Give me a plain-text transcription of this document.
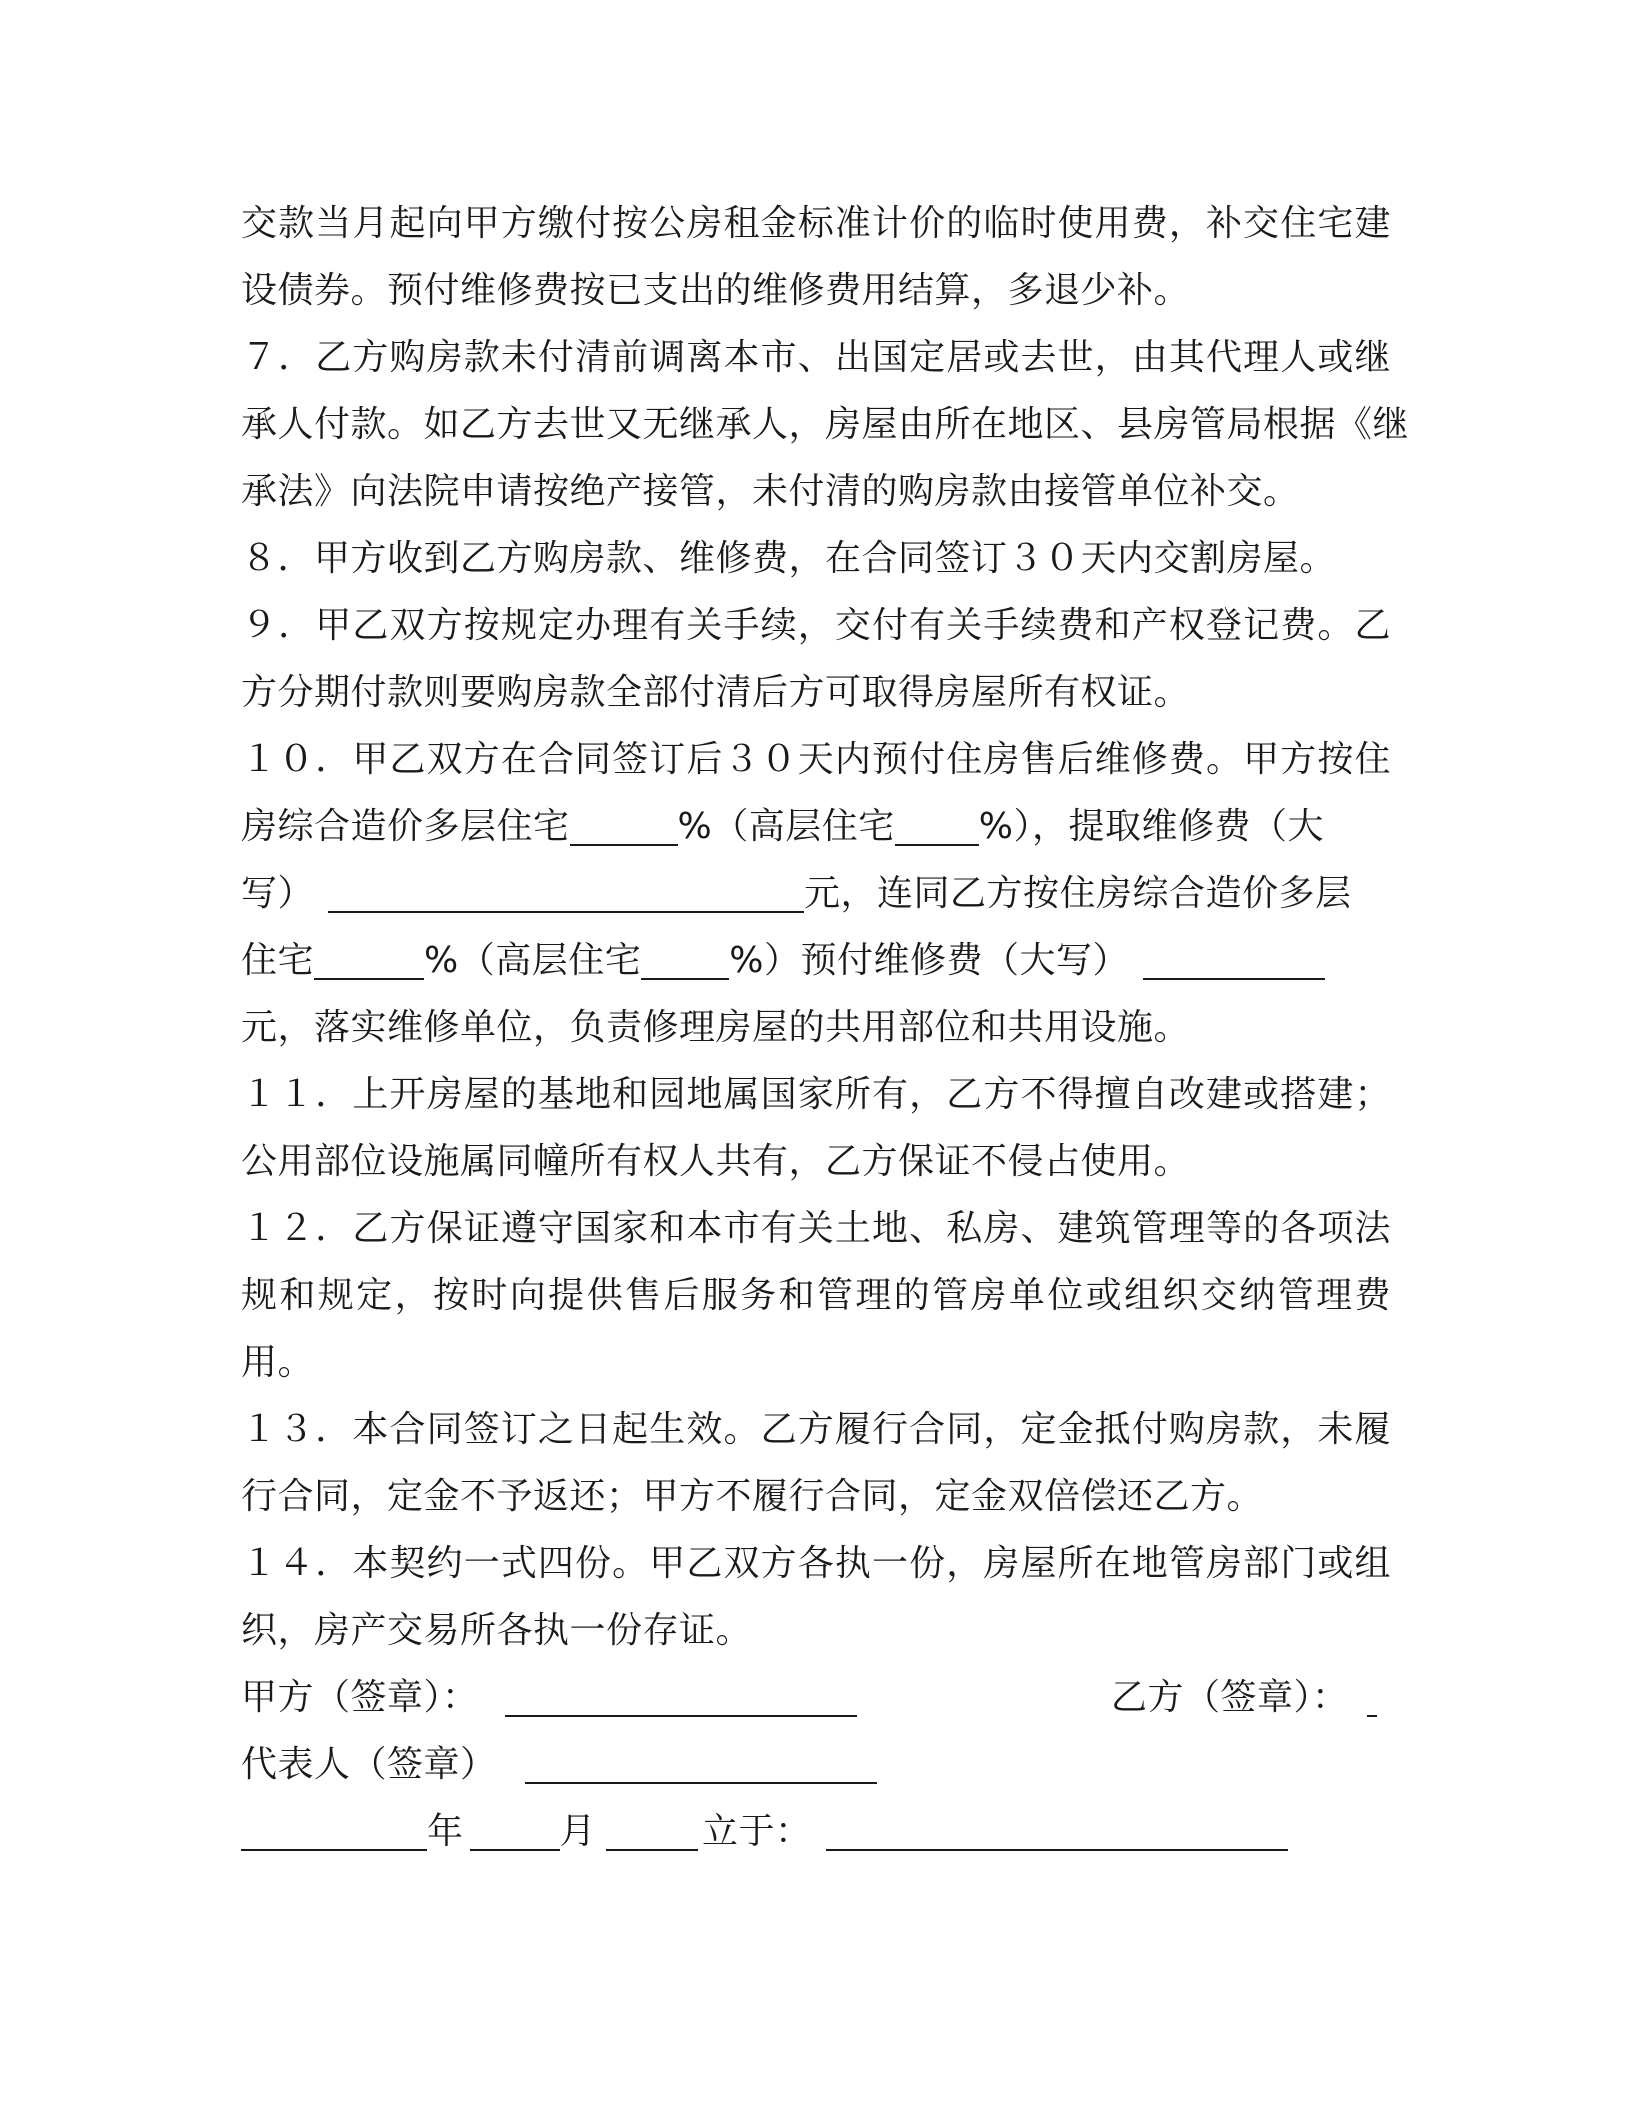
交款当月起向甲方缴付按公房租金标准计价的临时使用费，补交住宅建
设债券。预付维修费按已支出的维修费用结算，多退少补。
７．乙方购房款未付清前调离本市、出国定居或去世，由其代理人或继
承人付款。如乙方去世又无继承人，房屋由所在地区、县房管局根据《继
承法》向法院申请按绝产接管，未付清的购房款由接管单位补交。
８．甲方收到乙方购房款、维修费，在合同签订３０天内交割房屋。
９．甲乙双方按规定办理有关手续，交付有关手续费和产权登记费。乙
方分期付款则要购房款全部付清后方可取得房屋所有权证。
１０．甲乙双方在合同签订后３０天内预付住房售后维修费。甲方按住
房综合造价多层住宅	%（高层住宅 %），提取维修费（大
写）	元，连同乙方按住房综合造价多层
住宅	%（高层住宅 %）预付维修费（大写）
元，落实维修单位，负责修理房屋的共用部位和共用设施。
１１．上开房屋的基地和园地属国家所有，乙方不得擅自改建或搭建；
公用部位设施属同幢所有权人共有，乙方保证不侵占使用。
１２．乙方保证遵守国家和本市有关土地、私房、建筑管理等的各项法
规和规定，按时向提供售后服务和管理的管房单位或组织交纳管理费
用。
１３．本合同签订之日起生效。乙方履行合同，定金抵付购房款，未履
行合同，定金不予返还；甲方不履行合同，定金双倍偿还乙方。
１４．本契约一式四份。甲乙双方各执一份，房屋所在地管房部门或组
织，房产交易所各执一份存证。
甲方（签章）：	乙方（签章）：
代表人（签章）
年	月	立于：
